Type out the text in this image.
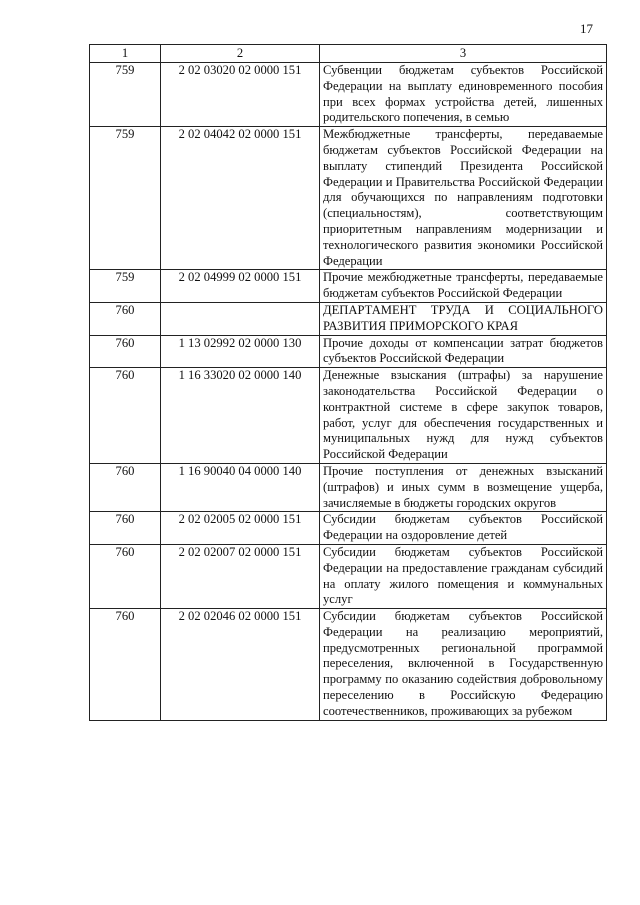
17
1	2	3
759	2 02 03020 02 0000 151	Субвенции бюджетам субъектов Российской Федерации на выплату единовременного пособия при всех формах устройства детей, лишенных родительского попечения, в семью
759	2 02 04042 02 0000 151	Межбюджетные трансферты, передаваемые бюджетам субъектов Российской Федерации на выплату стипендий Президента Российской Федерации и Правительства Российской Федерации для обучающихся по направлениям подготовки (специальностям), соответствующим приоритетным направлениям модернизации и технологического развития экономики Российской Федерации
759	2 02 04999 02 0000 151	Прочие межбюджетные трансферты, передаваемые бюджетам субъектов Российской Федерации
760		ДЕПАРТАМЕНТ ТРУДА И СОЦИАЛЬНОГО РАЗВИТИЯ ПРИМОРСКОГО КРАЯ
760	1 13 02992 02 0000 130	Прочие доходы от компенсации затрат бюджетов субъектов Российской Федерации
760	1 16 33020 02 0000 140	Денежные взыскания (штрафы) за нарушение законодательства Российской Федерации о контрактной системе в сфере закупок товаров, работ, услуг для обеспечения государственных и муниципальных нужд для нужд субъектов Российской Федерации
760	1 16 90040 04 0000 140	Прочие поступления от денежных взысканий (штрафов) и иных сумм в возмещение ущерба, зачисляемые в бюджеты городских округов
760	2 02 02005 02 0000 151	Субсидии бюджетам субъектов Российской Федерации на оздоровление детей
760	2 02 02007 02 0000 151	Субсидии бюджетам субъектов Российской Федерации на предоставление гражданам субсидий на оплату жилого помещения и коммунальных услуг
760	2 02 02046 02 0000 151	Субсидии бюджетам субъектов Российской Федерации на реализацию мероприятий, предусмотренных региональной программой переселения, включенной в Государственную программу по оказанию содействия добровольному переселению в Российскую Федерацию соотечественников, проживающих за рубежом
